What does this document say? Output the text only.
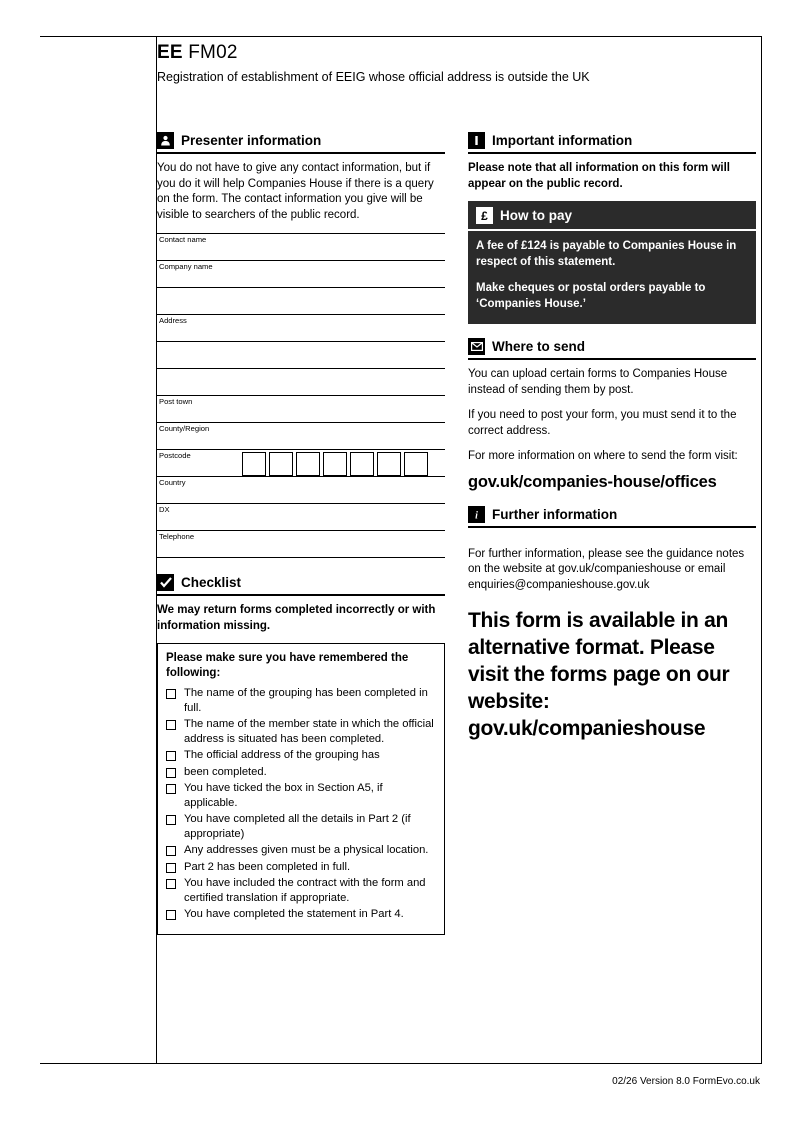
EE FM02
Registration of establishment of EEIG whose official address is outside the UK
Presenter information

You do not have to give any contact information, but if you do it will help Companies House if there is a query on the form. The contact information you give will be visible to searchers of the public record.

Contact name
Company name
Address
Post town
County/Region
Postcode
Country
DX
Telephone
Checklist
We may return forms completed incorrectly or with information missing.
Please make sure you have remembered the following:
The name of the grouping has been completed in full.
The name of the member state in which the official address is situated has been completed.
The official address of the grouping has
been completed.
You have ticked the box in Section A5, if applicable.
You have completed all the details in Part 2 (if appropriate)
Any addresses given must be a physical location.
Part 2 has been completed in full.
You have included the contract with the form and certified translation if appropriate.
You have completed the statement in Part 4.
Important information
Please note that all information on this form will appear on the public record.
£ How to pay

A fee of £124 is payable to Companies House in respect of this statement.

Make cheques or postal orders payable to ‘Companies House.’

Where to send

You can upload certain forms to Companies House instead of sending them by post.

If you need to post your form, you must send it to the correct address.

For more information on where to send the form visit:

gov.uk/companies-house/offices
i Further information

For further information, please see the guidance notes on the website at gov.uk/companieshouse or email enquiries@companieshouse.gov.uk

This form is available in an alternative format. Please visit the forms page on our website: gov.uk/companieshouse
02/26 Version 8.0 FormEvo.co.uk
